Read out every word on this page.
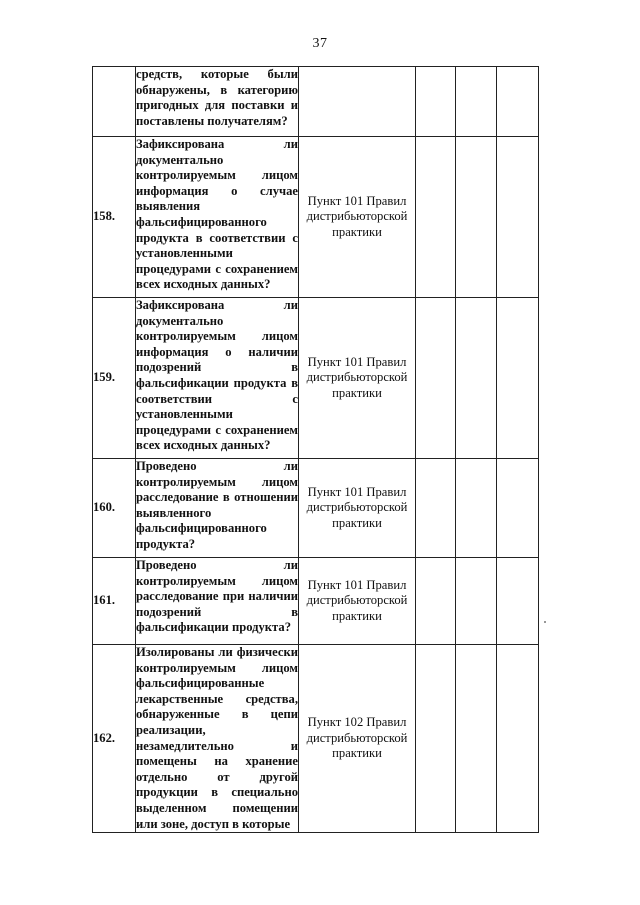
37
	средств, которые были обнаружены, в категорию пригодных для поставки и поставлены получателям?				
158.	Зафиксирована ли документально контролируемым лицом информация о случае выявления фальсифицированного продукта в соответствии с установленными процедурами с сохранением всех исходных данных?	Пункт 101 Правил дистрибьюторской практики			
159.	Зафиксирована ли документально контролируемым лицом информация о наличии подозрений в фальсификации продукта в соответствии с установленными процедурами с сохранением всех исходных данных?	Пункт 101 Правил дистрибьюторской практики			
160.	Проведено ли контролируемым лицом расследование в отношении выявленного фальсифицированного продукта?	Пункт 101 Правил дистрибьюторской практики			
161.	Проведено ли контролируемым лицом расследование при наличии подозрений в фальсификации продукта?	Пункт 101 Правил дистрибьюторской практики			
162.	Изолированы ли физически контролируемым лицом фальсифицированные лекарственные средства, обнаруженные в цепи реализации, незамедлительно и помещены на хранение отдельно от другой продукции в специально выделенном помещении или зоне, доступ в которые	Пункт 102 Правил дистрибьюторской практики			
